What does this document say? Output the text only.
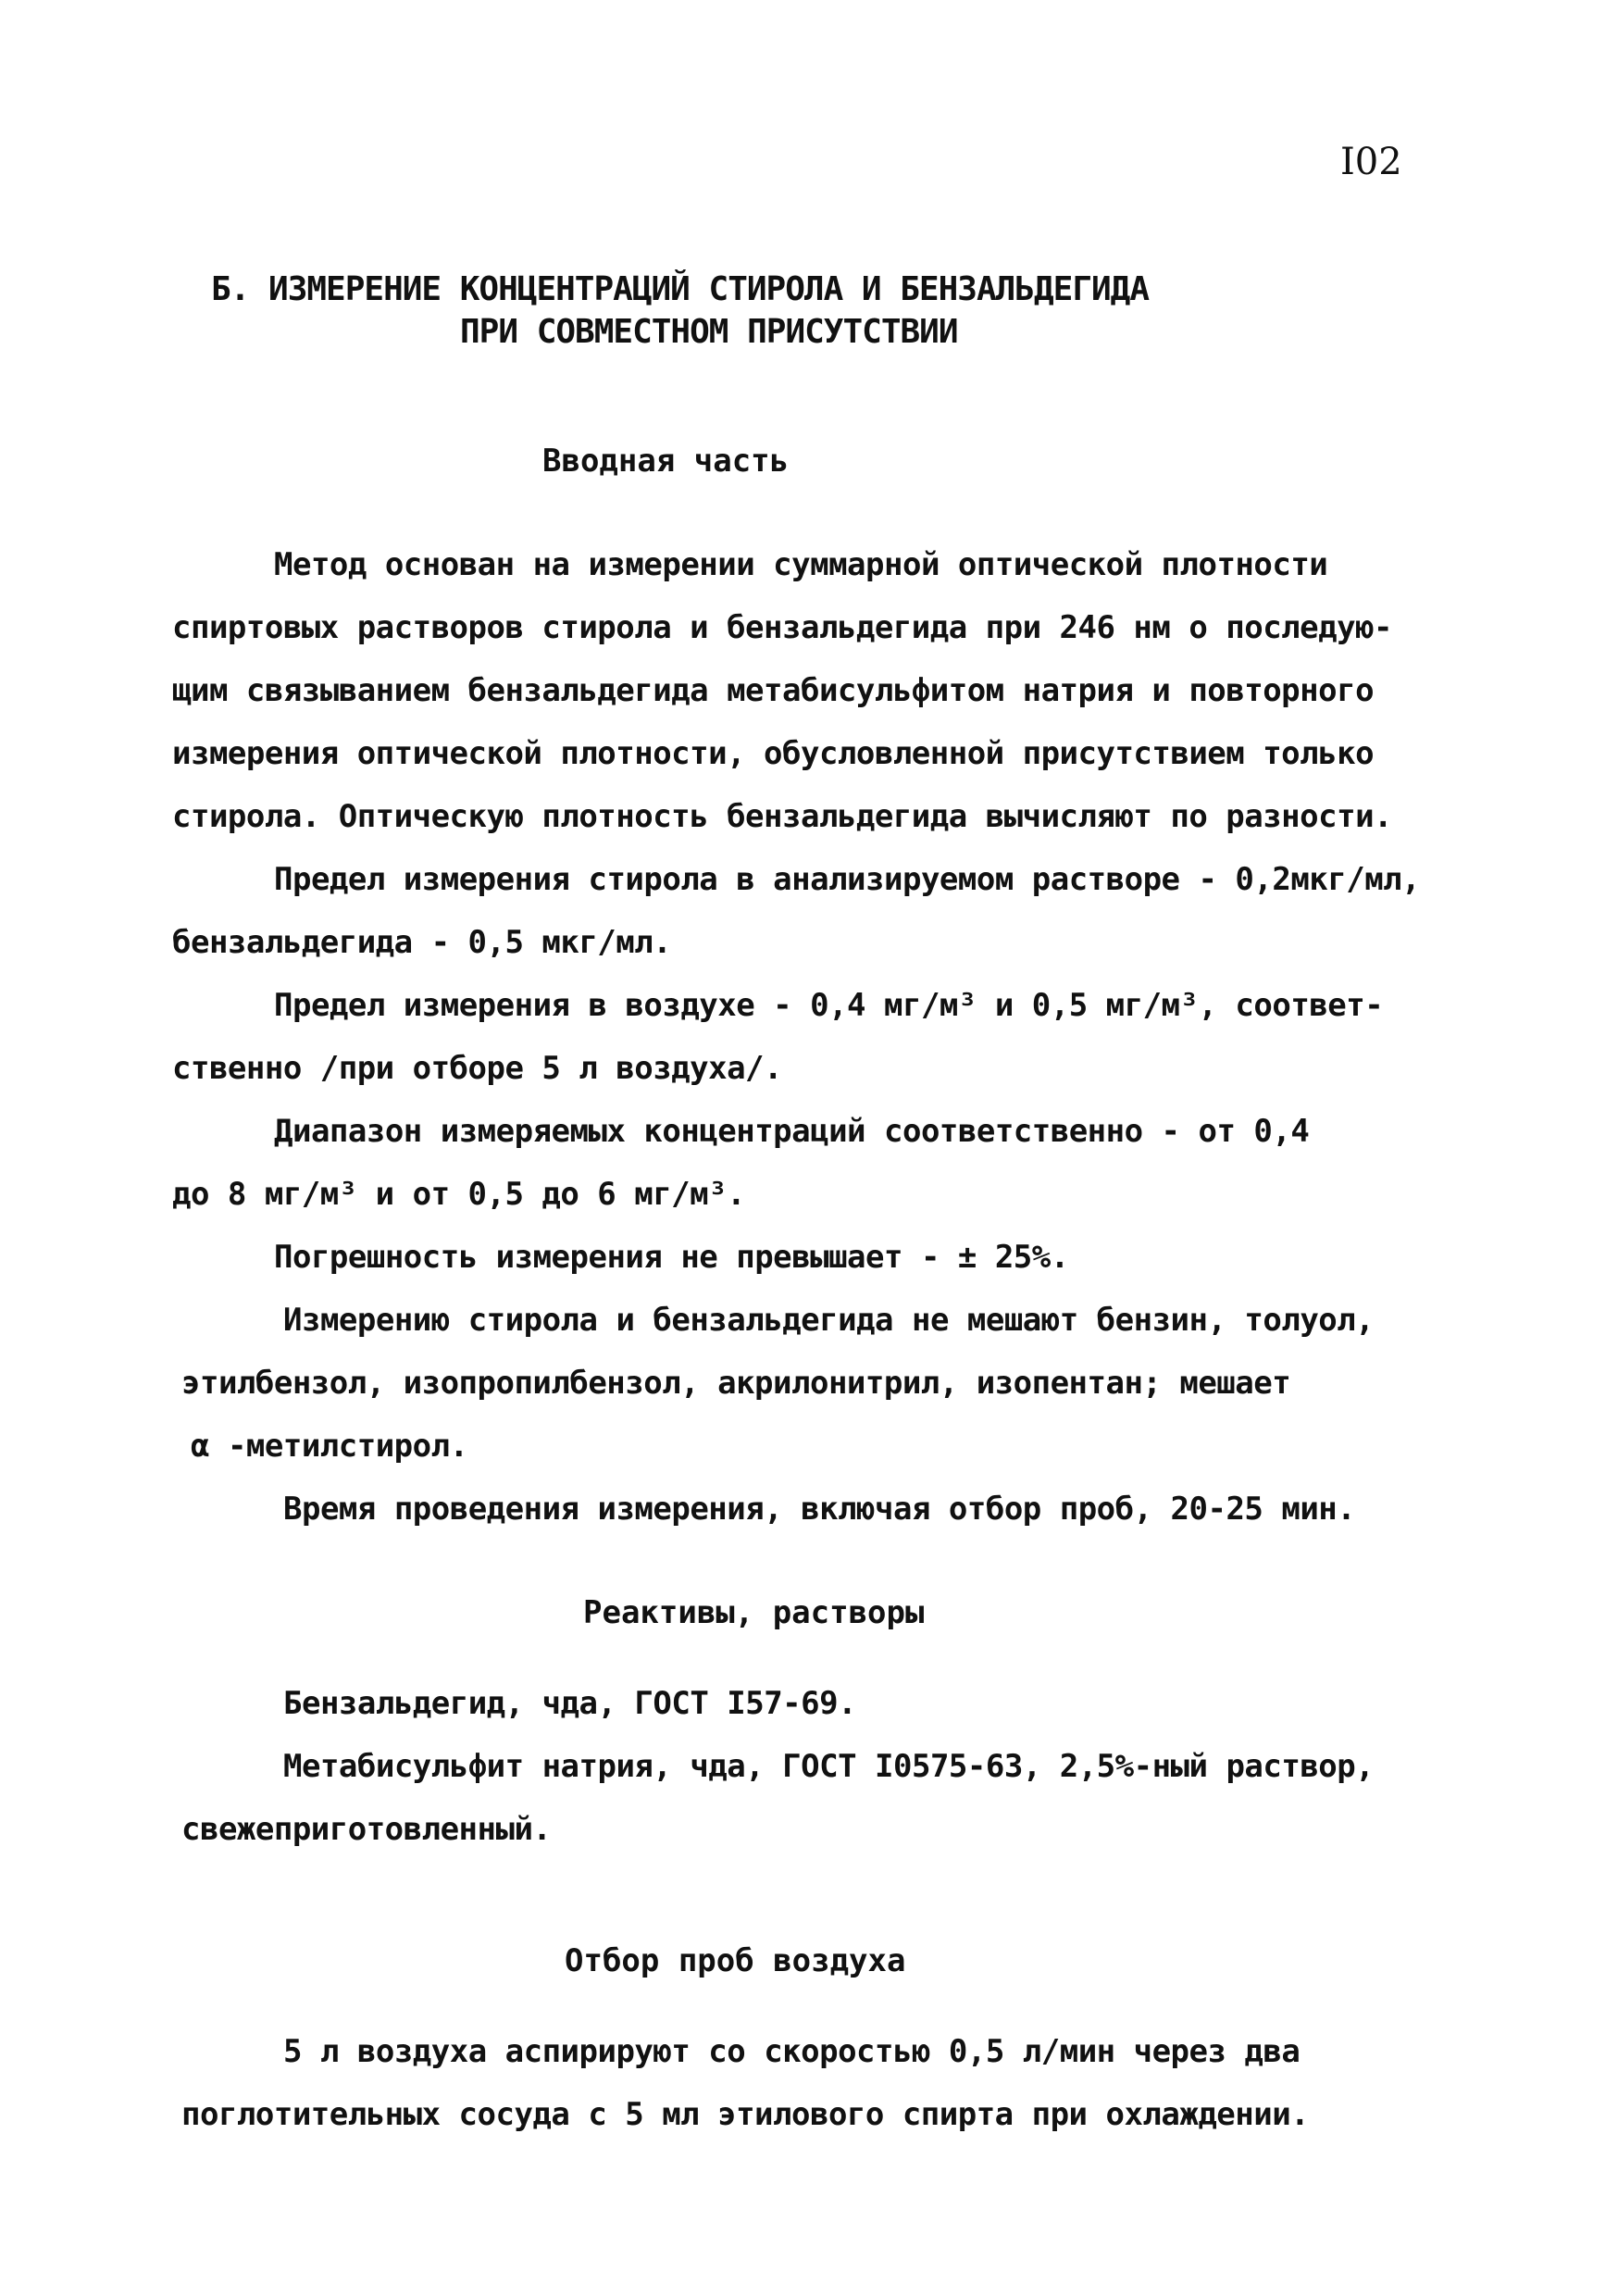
I02
Б. ИЗМЕРЕНИЕ КОНЦЕНТРАЦИЙ СТИРОЛА И БЕНЗАЛЬДЕГИДА
ПРИ СОВМЕСТНОМ ПРИСУТСТВИИ
Вводная часть
Метод основан на измерении суммарной оптической плотности
спиртовых растворов стирола и бензальдегида при 246 нм о последую-
щим связыванием бензальдегида метабисульфитом натрия и повторного
измерения оптической плотности, обусловленной присутствием только
стирола. Оптическую плотность бензальдегида вычисляют по разности.
Предел измерения стирола в анализируемом растворе - 0,2мкг/мл,
бензальдегида - 0,5 мкг/мл.
Предел измерения в воздухе - 0,4 мг/м³ и 0,5 мг/м³, соответ-
ственно /при отборе 5 л воздуха/.
Диапазон измеряемых концентраций соответственно - от 0,4
до 8 мг/м³ и от 0,5 до 6 мг/м³.
Погрешность измерения не превышает - ± 25%.
Измерению стирола и бензальдегида не мешают бензин, толуол,
этилбензол, изопропилбензол, акрилонитрил, изопентан; мешает
α -метилстирол.
Время проведения измерения, включая отбор проб, 20-25 мин.
Реактивы, растворы
Бензальдегид, чда, ГОСТ I57-69.
Метабисульфит натрия, чда, ГОСТ I0575-63, 2,5%-ный раствор,
свежеприготовленный.
Отбор проб воздуха
5 л воздуха аспирируют со скоростью 0,5 л/мин через два
поглотительных сосуда с 5 мл этилового спирта при охлаждении.
